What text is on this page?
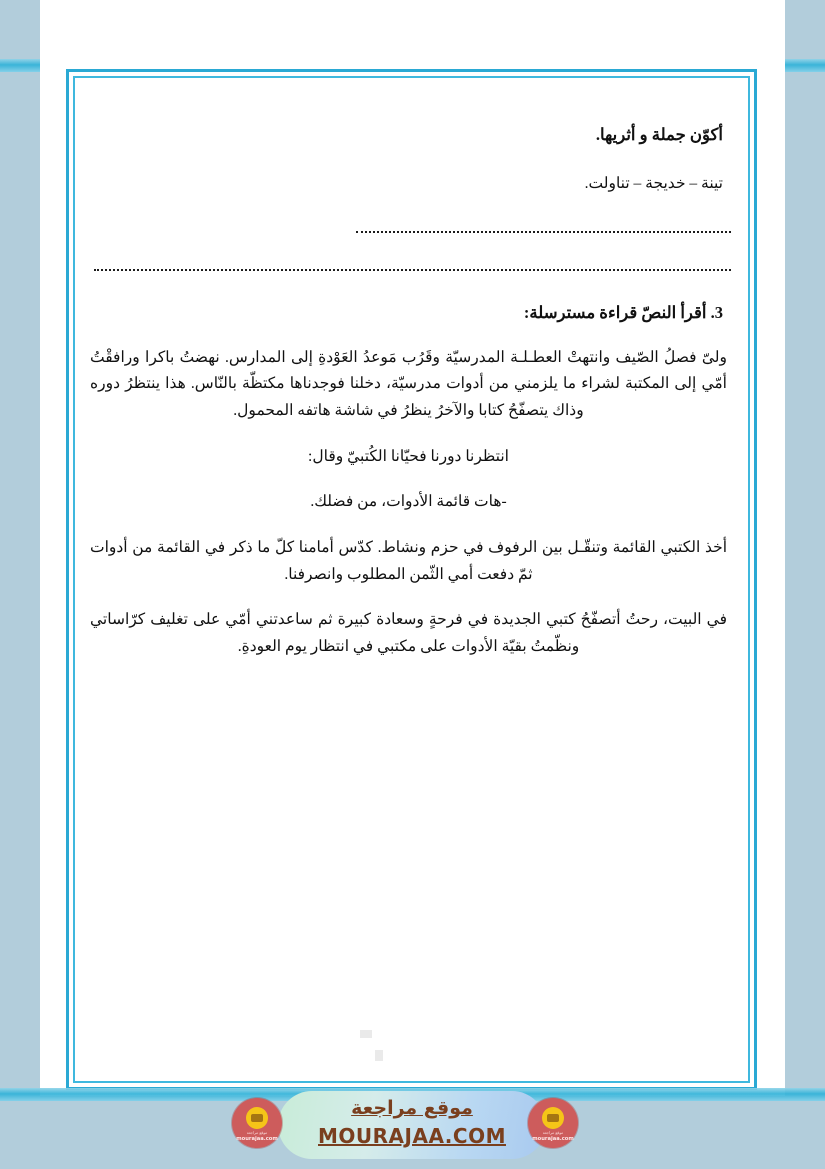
أكوّن جملة و أثريها.
تينة – خديجة – تناولت.
3. أقرأ النصّ قراءة مسترسلة:
ولىّ فصلُ الصّيف وانتهتْ العطـلـة المدرسيّة وقَرُب مَوعدُ العَوْدةِ إلى المدارس. نهضتُ باكرا ورافقْتُ أمّي إلى المكتبة لشراء ما يلزمني من أدوات مدرسيّة، دخلنا فوجدناها مكتظّة بالنّاس. هذا ينتظرُ دوره وذاك يتصفّحُ كتابا والآخرُ ينظرُ في شاشة هاتفه المحمول.
انتظرنا دورنا فحيّانا الكُتبيّ وقال:
-هات قائمة الأدوات، من فضلك.
أخذ الكتبي القائمة وتنقّـل بين الرفوف في حزم ونشاط. كدّس أمامنا كلّ ما ذكر في القائمة من أدوات ثمّ دفعت أمي الثّمن المطلوب وانصرفنا.
في البيت، رحتُ أتصفّحُ كتبي الجديدة في فرحةٍ وسعادة كبيرة ثم ساعدتني أمّي على تغليف كرّاساتي ونظّمتُ بقيّة الأدوات على مكتبي في انتظار يوم العودةِ.
موقع مراجعة
MOURAJAA.COM
موقع مراجعة
mourajaa.com
موقع مراجعة
mourajaa.com
